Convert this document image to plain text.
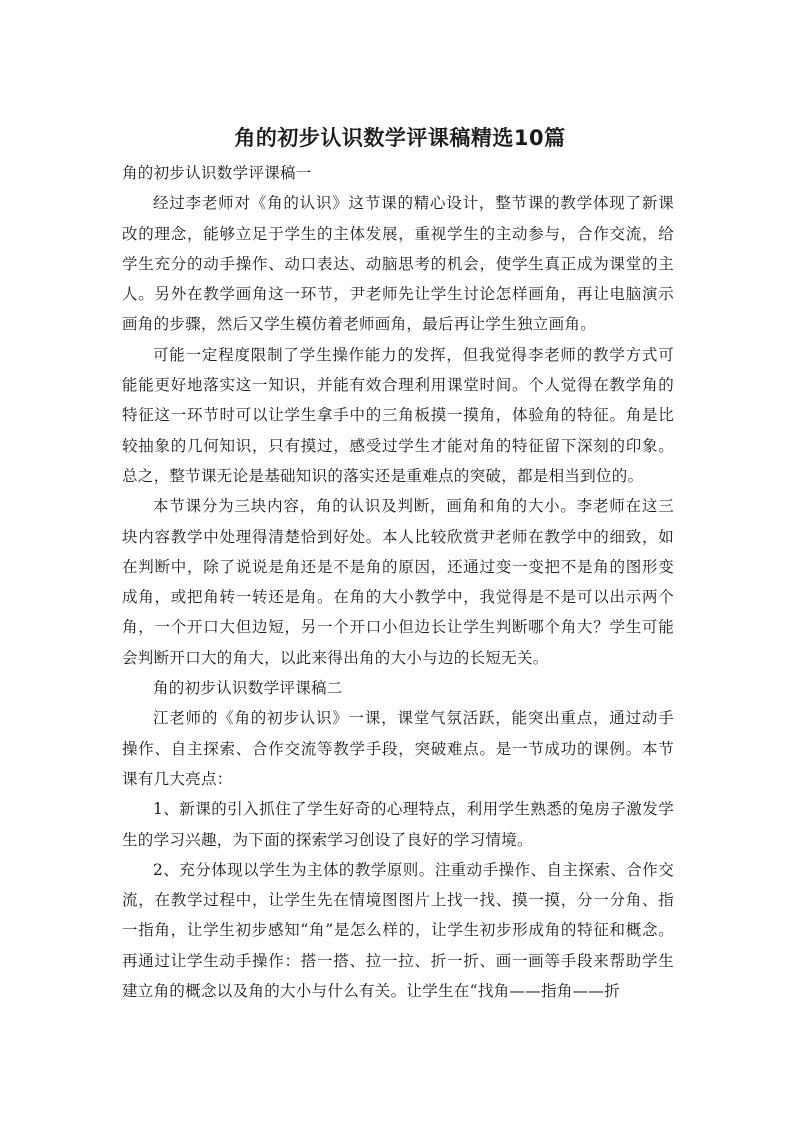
角的初步认识数学评课稿精选10篇

角的初步认识数学评课稿一

经过李老师对《角的认识》这节课的精心设计，整节课的教学体现了新课改的理念，能够立足于学生的主体发展，重视学生的主动参与，合作交流，给学生充分的动手操作、动口表达、动脑思考的机会，使学生真正成为课堂的主人。另外在教学画角这一环节，尹老师先让学生讨论怎样画角，再让电脑演示画角的步骤，然后又学生模仿着老师画角，最后再让学生独立画角。

可能一定程度限制了学生操作能力的发挥，但我觉得李老师的教学方式可能能更好地落实这一知识，并能有效合理利用课堂时间。个人觉得在教学角的特征这一环节时可以让学生拿手中的三角板摸一摸角，体验角的特征。角是比较抽象的几何知识，只有摸过，感受过学生才能对角的特征留下深刻的印象。总之，整节课无论是基础知识的落实还是重难点的突破，都是相当到位的。

本节课分为三块内容，角的认识及判断，画角和角的大小。李老师在这三块内容教学中处理得清楚恰到好处。本人比较欣赏尹老师在教学中的细致，如在判断中，除了说说是角还是不是角的原因，还通过变一变把不是角的图形变成角，或把角转一转还是角。在角的大小教学中，我觉得是不是可以出示两个角，一个开口大但边短，另一个开口小但边长让学生判断哪个角大？学生可能会判断开口大的角大，以此来得出角的大小与边的长短无关。

角的初步认识数学评课稿二

江老师的《角的初步认识》一课，课堂气氛活跃，能突出重点，通过动手操作、自主探索、合作交流等教学手段，突破难点。是一节成功的课例。本节课有几大亮点：

1、新课的引入抓住了学生好奇的心理特点，利用学生熟悉的兔房子激发学生的学习兴趣，为下面的探索学习创设了良好的学习情境。

2、充分体现以学生为主体的教学原则。注重动手操作、自主探索、合作交流，在教学过程中，让学生先在情境图图片上找一找、摸一摸，分一分角、指一指角，让学生初步感知“角”是怎么样的，让学生初步形成角的特征和概念。再通过让学生动手操作：搭一搭、拉一拉、折一折、画一画等手段来帮助学生建立角的概念以及角的大小与什么有关。让学生在“找角——指角——折
